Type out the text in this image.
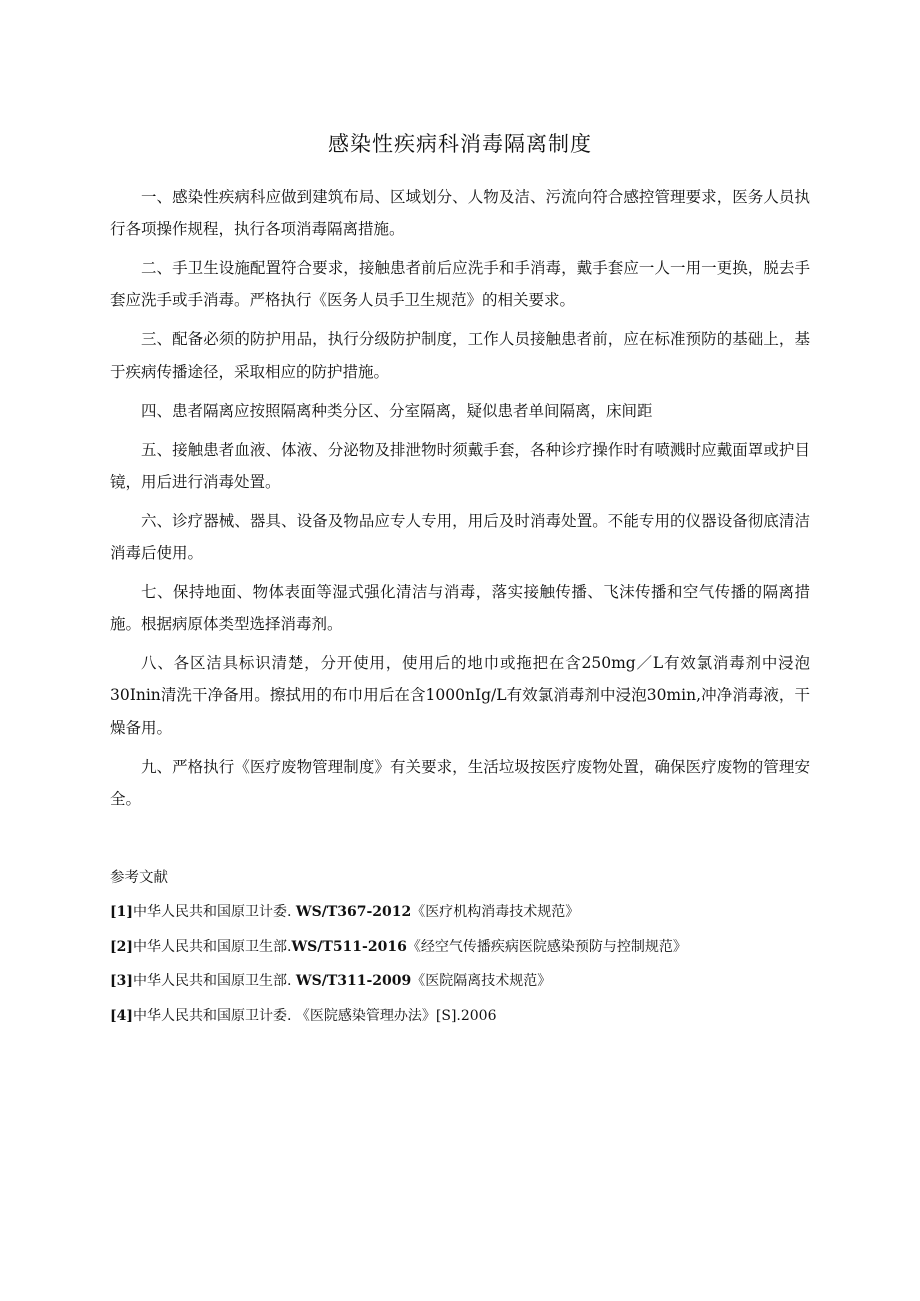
感染性疾病科消毒隔离制度

一、感染性疾病科应做到建筑布局、区域划分、人物及洁、污流向符合感控管理要求，医务人员执行各项操作规程，执行各项消毒隔离措施。

二、手卫生设施配置符合要求，接触患者前后应洗手和手消毒，戴手套应一人一用一更换，脱去手套应洗手或手消毒。严格执行《医务人员手卫生规范》的相关要求。

三、配备必须的防护用品，执行分级防护制度，工作人员接触患者前，应在标准预防的基础上，基于疾病传播途径，采取相应的防护措施。

四、患者隔离应按照隔离种类分区、分室隔离，疑似患者单间隔离，床间距

五、接触患者血液、体液、分泌物及排泄物时须戴手套，各种诊疗操作时有喷溅时应戴面罩或护目镜，用后进行消毒处置。

六、诊疗器械、器具、设备及物品应专人专用，用后及时消毒处置。不能专用的仪器设备彻底清洁消毒后使用。

七、保持地面、物体表面等湿式强化清洁与消毒，落实接触传播、飞沫传播和空气传播的隔离措施。根据病原体类型选择消毒剂。

八、各区洁具标识清楚，分开使用，使用后的地巾或拖把在含250mg／L有效氯消毒剂中浸泡30Inin清洗干净备用。擦拭用的布巾用后在含1000nIg/L有效氯消毒剂中浸泡30min,冲净消毒液，干燥备用。

九、严格执行《医疗废物管理制度》有关要求，生活垃圾按医疗废物处置，确保医疗废物的管理安全。

参考文献
[1]中华人民共和国原卫计委. WS/T367-2012《医疗机构消毒技术规范》
[2]中华人民共和国原卫生部.WS/T511-2016《经空气传播疾病医院感染预防与控制规范》
[3]中华人民共和国原卫生部. WS/T311-2009《医院隔离技术规范》
[4]中华人民共和国原卫计委. 《医院感染管理办法》[S].2006
